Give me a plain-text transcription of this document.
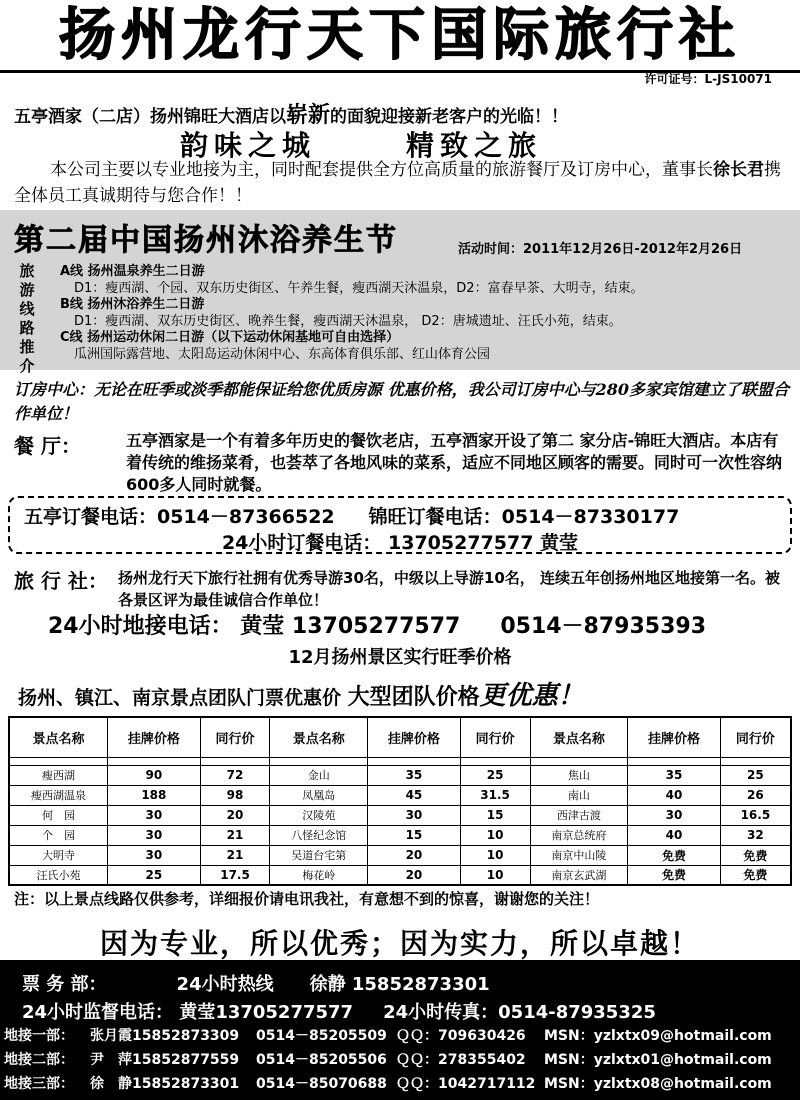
扬州龙行天下国际旅行社
许可证号：L-JS10071
五亭酒家（二店）扬州锦旺大酒店以崭新的面貌迎接新老客户的光临！！
韵味之城	精致之旅
本公司主要以专业地接为主，同时配套提供全方位高质量的旅游餐厅及订房中心，董事长徐长君携全体员工真诚期待与您合作！！
第二届中国扬州沐浴养生节	活动时间：2011年12月26日-2012年2月26日
旅游线路推介
A线 扬州温泉养生二日游
D1：瘦西湖、个园、双东历史街区、午养生餐，瘦西湖天沐温泉，D2：富春早茶、大明寺，结束。
B线 扬州沐浴养生二日游
D1：瘦西湖、双东历史街区、晚养生餐，瘦西湖天沐温泉， D2：唐城遗址、汪氏小苑，结束。
C线 扬州运动休闲二日游（以下运动休闲基地可自由选择）
瓜洲国际露营地、太阳岛运动休闲中心、东高体育俱乐部、红山体育公园
订房中心：无论在旺季或淡季都能保证给您优质房源 优惠价格，我公司订房中心与280多家宾馆建立了联盟合作单位！
餐 厅：	五亭酒家是一个有着多年历史的餐饮老店，五亭酒家开设了第二 家分店-锦旺大酒店。本店有着传统的维扬菜肴，也荟萃了各地风味的菜系，适应不同地区顾客的需要。同时可一次性容纳600多人同时就餐。
五亭订餐电话：0514－87366522 锦旺订餐电话：0514－87330177
24小时订餐电话： 13705277577 黄莹
旅 行 社： 扬州龙行天下旅行社拥有优秀导游30名，中级以上导游10名， 连续五年创扬州地区地接第一名。被各景区评为最佳诚信合作单位！
24小时地接电话： 黄莹 13705277577 0514－87935393
12月扬州景区实行旺季价格
扬州、镇江、南京景点团队门票优惠价 大型团队价格更优惠！
景点名称	挂牌价格	同行价	景点名称	挂牌价格	同行价	景点名称	挂牌价格	同行价

瘦西湖	90	72	金山	35	25	焦山	35	25
瘦西湖温泉	188	98	凤凰岛	45	31.5	南山	40	26
何　园	30	20	汉陵苑	30	15	西津古渡	30	16.5
个　园	30	21	八怪纪念馆	15	10	南京总统府	40	32
大明寺	30	21	吴道台宅第	20	10	南京中山陵	免费	免费
汪氏小苑	25	17.5	梅花岭	20	10	南京玄武湖	免费	免费
注：以上景点线路仅供参考，详细报价请电讯我社，有意想不到的惊喜，谢谢您的关注！
因为专业，所以优秀；因为实力，所以卓越！
票 务 部：	24小时热线 徐静 15852873301
24小时监督电话： 黄莹13705277577 24小时传真：0514-87935325
地接一部： 张月霞15852873309 0514－85205509 ＱＱ：709630426 MSN：yzlxtx09@hotmail.com
地接二部： 尹　萍15852877559 0514－85205506 ＱＱ：278355402 MSN：yzlxtx01@hotmail.com
地接三部： 徐　静15852873301 0514－85070688 ＱＱ：1042717112 MSN：yzlxtx08@hotmail.com
